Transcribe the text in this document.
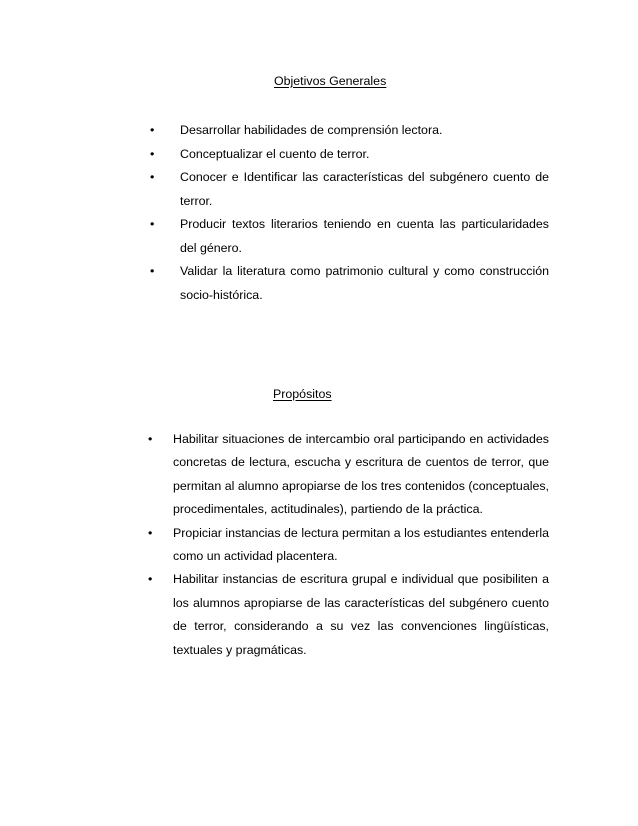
Objetivos Generales
• Desarrollar habilidades de comprensión lectora.
• Conceptualizar el cuento de terror.
• Conocer e Identificar las características del subgénero cuento de terror.
• Producir textos literarios teniendo en cuenta las particularidades del género.
• Validar la literatura como patrimonio cultural y como construcción socio-histórica.
Propósitos
• Habilitar situaciones de intercambio oral participando en actividades concretas de lectura, escucha y escritura de cuentos de terror, que permitan al alumno apropiarse de los tres contenidos (conceptuales, procedimentales, actitudinales), partiendo de la práctica.
• Propiciar instancias de lectura permitan a los estudiantes entenderla como un actividad placentera.
• Habilitar instancias de escritura grupal e individual que posibiliten a los alumnos apropiarse de las características del subgénero cuento de terror, considerando a su vez las convenciones lingüísticas, textuales y pragmáticas.
